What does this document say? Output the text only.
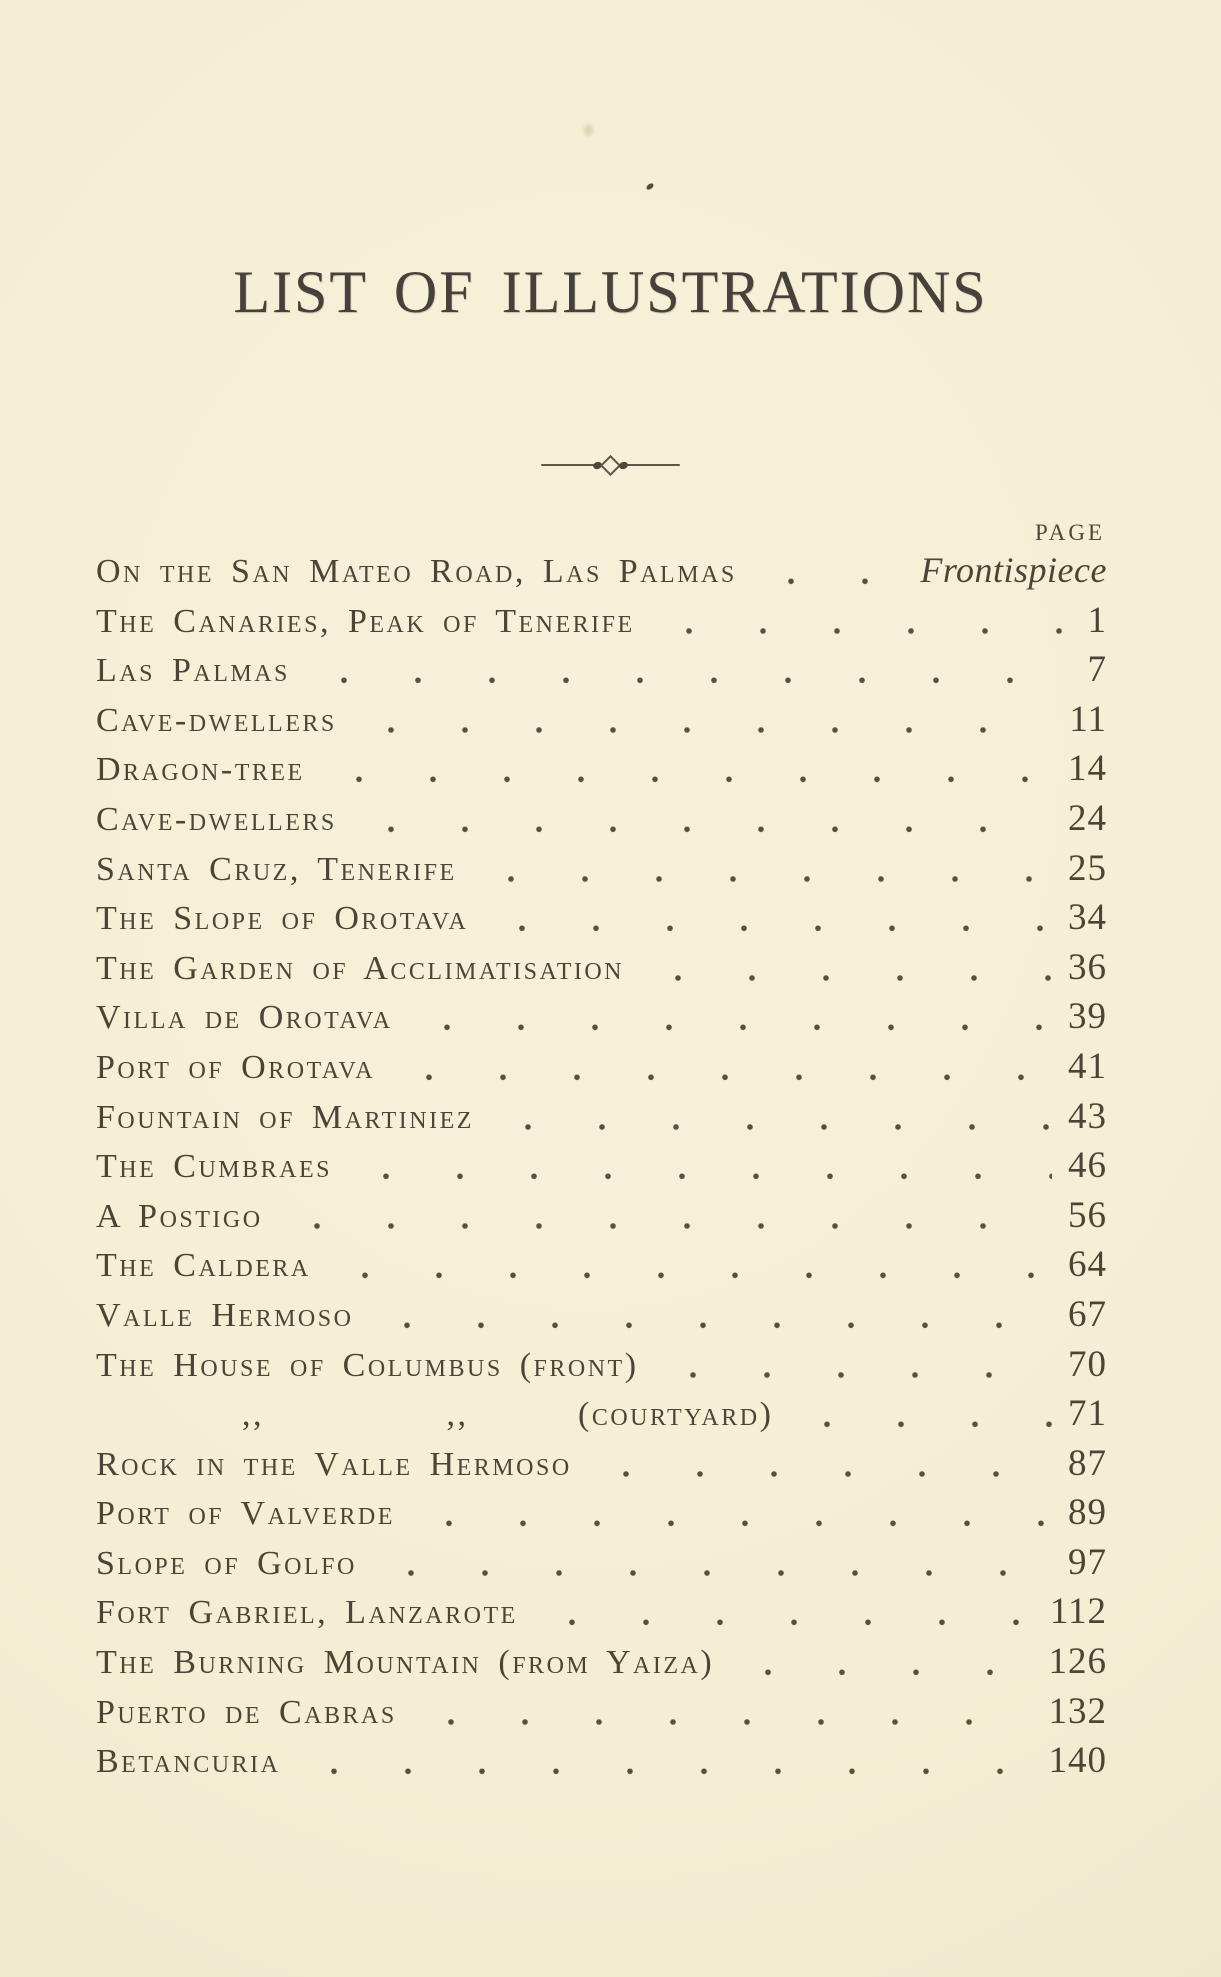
LIST OF ILLUSTRATIONS
PAGE
On the San Mateo Road, Las Palmas	Frontispiece
The Canaries, Peak of Tenerife	1
Las Palmas	7
Cave-dwellers	11
Dragon-tree	14
Cave-dwellers	24
Santa Cruz, Tenerife	25
The Slope of Orotava	34
The Garden of Acclimatisation	36
Villa de Orotava	39
Port of Orotava	41
Fountain of Martiniez	43
The Cumbraes	46
A Postigo	56
The Caldera	64
Valle Hermoso	67
The House of Columbus (front)	70
    ,,     ,,   (courtyard)	71
Rock in the Valle Hermoso	87
Port of Valverde	89
Slope of Golfo	97
Fort Gabriel, Lanzarote	112
The Burning Mountain (from Yaiza)	126
Puerto de Cabras	132
Betancuria	140
